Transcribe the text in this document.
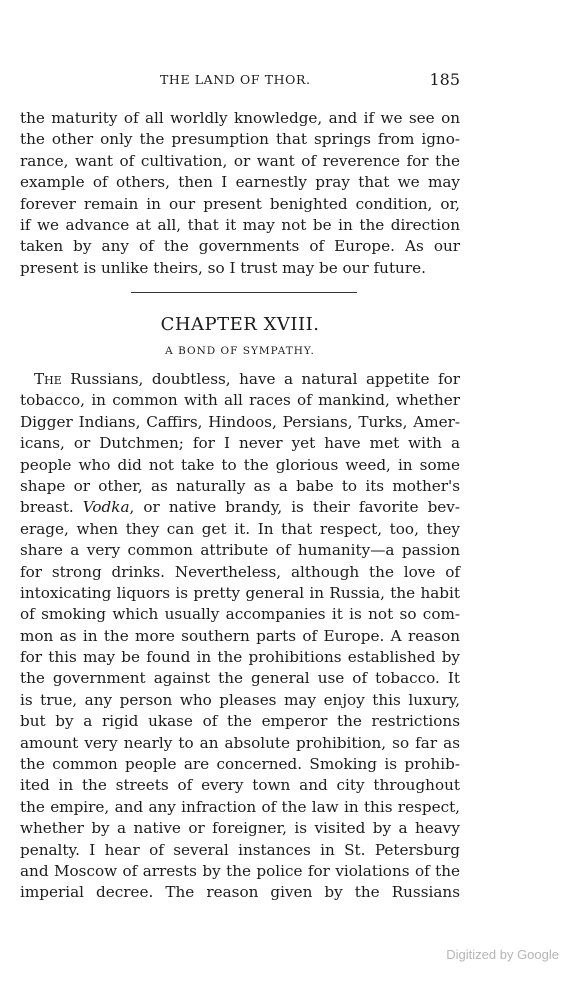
THE LAND OF THOR.	185
the maturity of all worldly knowledge, and if we see on
the other only the presumption that springs from igno-
rance, want of cultivation, or want of reverence for the
example of others, then I earnestly pray that we may
forever remain in our present benighted condition, or,
if we advance at all, that it may not be in the direction
taken by any of the governments of Europe. As our
present is unlike theirs, so I trust may be our future.
CHAPTER XVIII.

A BOND OF SYMPATHY.

The Russians, doubtless, have a natural appetite for
tobacco, in common with all races of mankind, whether
Digger Indians, Caffirs, Hindoos, Persians, Turks, Amer-
icans, or Dutchmen; for I never yet have met with a
people who did not take to the glorious weed, in some
shape or other, as naturally as a babe to its mother's
breast. Vodka, or native brandy, is their favorite bev-
erage, when they can get it. In that respect, too, they
share a very common attribute of humanity—a passion
for strong drinks. Nevertheless, although the love of
intoxicating liquors is pretty general in Russia, the habit
of smoking which usually accompanies it is not so com-
mon as in the more southern parts of Europe. A reason
for this may be found in the prohibitions established by
the government against the general use of tobacco. It
is true, any person who pleases may enjoy this luxury,
but by a rigid ukase of the emperor the restrictions
amount very nearly to an absolute prohibition, so far as
the common people are concerned. Smoking is prohib-
ited in the streets of every town and city throughout
the empire, and any infraction of the law in this respect,
whether by a native or foreigner, is visited by a heavy
penalty. I hear of several instances in St. Petersburg
and Moscow of arrests by the police for violations of the
imperial decree. The reason given by the Russians
Digitized by Google
